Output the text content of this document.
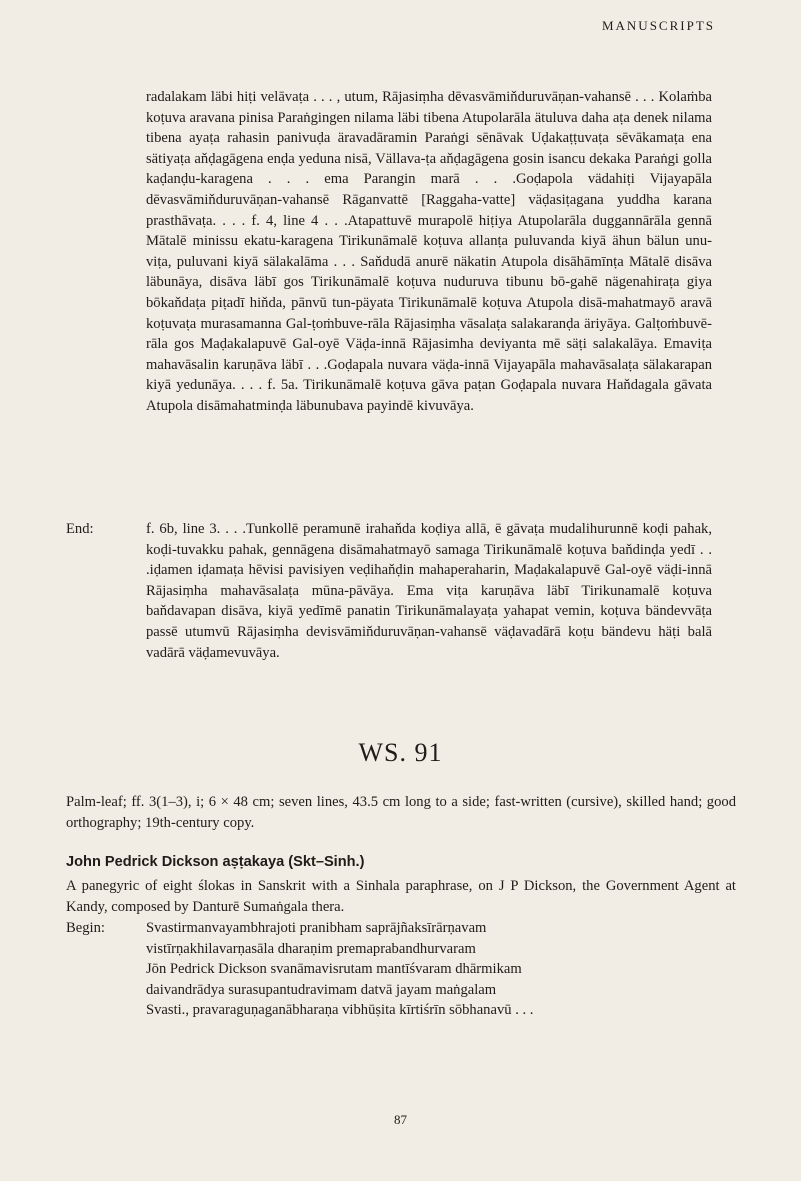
MANUSCRIPTS

radalakam läbi hiṭi velāvaṭa . . . , utum, Rājasiṃha dēvasvāmiňduruvāṇan-vahansē . . . Kolaṁba koṭuva aravana pinisa Paraṅgingen nilama läbi tibena Atupolarāla ätuluva daha aṭa denek nilama tibena ayaṭa rahasin panivuḍa äravadāramin Paraṅgi sēnāvak Uḍakaṭṭuvaṭa sēvākamaṭa ena sätiyaṭa aňḍagāgena enḍa yeduna nisā, Vällava-ṭa aňḍagāgena gosin isancu dekaka Paraṅgi golla kaḍanḍu-karagena . . . ema Parangin marā . . .Goḍapola vädahiṭi Vijayapāla dēvasvāmiňduruvāṇan-vahansē Rāganvattē [Raggaha-vatte] väḍasiṭagana yuddha karana prasthāvaṭa. . . . f. 4, line 4 . . .Atapattuvē murapolē hiṭiya Atupolarāla duggannārāla gennā Mātalē minissu ekatu-karagena Tirikunāmalē koṭuva allanṭa puluvanda kiyā ähun bälun unu-viṭa, puluvani kiyā sälakalāma . . . Saňdudā anurē näkatin Atupola disāhāmīnṭa Mātalē disāva läbunāya, disāva läbī gos Tirikunāmalē koṭuva nuduruva tibunu bō-gahē nägenahiraṭa giya bōkaňdaṭa piṭadī hiňda, pānvū tun-päyata Tirikunāmalē koṭuva Atupola disā-mahatmayō aravā koṭuvaṭa murasamanna Gal-ṭoṁbuve-rāla Rājasiṃha vāsalaṭa salakaranḍa äriyāya. Galṭoṁbuvē-rāla gos Maḍakalapuvē Gal-oyē Väḍa-innā Rājasimha deviyanta mē säṭi salakalāya. Emaviṭa mahavāsalin karuṇāva läbī . . .Goḍapala nuvara väḍa-innā Vijayapāla mahavāsalaṭa sälakarapan kiyā yedunāya. . . . f. 5a. Tirikunāmalē koṭuva gāva paṭan Goḍapala nuvara Haňdagala gāvata Atupola disāmahatminḍa läbunubava payindē kivuvāya.

End:	f. 6b, line 3. . . .Tunkollē peramunē irahaňda koḍiya allā, ē gāvaṭa mudalihurunnē koḍi pahak, koḍi-tuvakku pahak, gennāgena disāmahatmayō samaga Tirikunāmalē koṭuva baňdinḍa yedī . . .iḍamen iḍamaṭa hēvisi pavisiyen veḍihaňḍin mahaperaharin, Maḍakalapuvē Gal-oyē väḍi-innā Rājasiṃha mahavāsalaṭa mūna-pāvāya. Ema viṭa karuṇāva läbī Tirikunamalē koṭuva baňdavapan disāva, kiyā yedīmē panatin Tirikunāmalayaṭa yahapat vemin, koṭuva bändevvāṭa passē utumvū Rājasiṃha devisvāmiňduruvāṇan-vahansē väḍavadārā koṭu bändevu häṭi balā vadārā väḍamevuvāya.

WS. 91

Palm-leaf; ff. 3(1–3), i; 6 × 48 cm; seven lines, 43.5 cm long to a side; fast-written (cursive), skilled hand; good orthography; 19th-century copy.

John Pedrick Dickson aṣṭakaya (Skt–Sinh.)

A panegyric of eight ślokas in Sanskrit with a Sinhala paraphrase, on J P Dickson, the Government Agent at Kandy, composed by Danturē Sumaṅgala thera.

Begin:	Svastirmanvayambhrajoti pranibham saprājñaksīrārṇavam
vistīrṇakhilavarṇasāla dharaṇim premaprabandhurvaram
Jōn Pedrick Dickson svanāmavisrutam mantīśvaram dhārmikam
daivandrādya surasupantudravimam datvā jayam maṅgalam
Svasti., pravaraguṇaganābharaṇa vibhūṣita kīrtiśrīn sōbhanavū . . .
87
